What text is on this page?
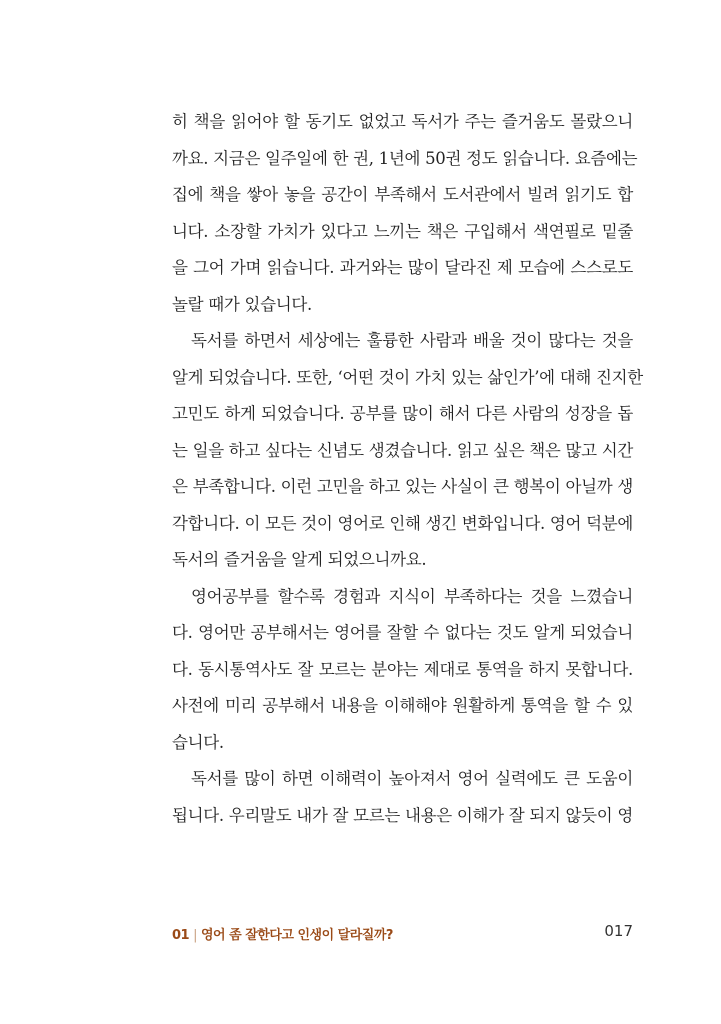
히 책을 읽어야 할 동기도 없었고 독서가 주는 즐거움도 몰랐으니
까요. 지금은 일주일에 한 권, 1년에 50권 정도 읽습니다. 요즘에는
집에 책을 쌓아 놓을 공간이 부족해서 도서관에서 빌려 읽기도 합
니다. 소장할 가치가 있다고 느끼는 책은 구입해서 색연필로 밑줄
을 그어 가며 읽습니다. 과거와는 많이 달라진 제 모습에 스스로도
놀랄 때가 있습니다.
독서를 하면서 세상에는 훌륭한 사람과 배울 것이 많다는 것을
알게 되었습니다. 또한, ‘어떤 것이 가치 있는 삶인가’에 대해 진지한
고민도 하게 되었습니다. 공부를 많이 해서 다른 사람의 성장을 돕
는 일을 하고 싶다는 신념도 생겼습니다. 읽고 싶은 책은 많고 시간
은 부족합니다. 이런 고민을 하고 있는 사실이 큰 행복이 아닐까 생
각합니다. 이 모든 것이 영어로 인해 생긴 변화입니다. 영어 덕분에
독서의 즐거움을 알게 되었으니까요.
영어공부를 할수록 경험과 지식이 부족하다는 것을 느꼈습니
다. 영어만 공부해서는 영어를 잘할 수 없다는 것도 알게 되었습니
다. 동시통역사도 잘 모르는 분야는 제대로 통역을 하지 못합니다.
사전에 미리 공부해서 내용을 이해해야 원활하게 통역을 할 수 있
습니다.
독서를 많이 하면 이해력이 높아져서 영어 실력에도 큰 도움이
됩니다. 우리말도 내가 잘 모르는 내용은 이해가 잘 되지 않듯이 영
01 | 영어 좀 잘한다고 인생이 달라질까?	017
